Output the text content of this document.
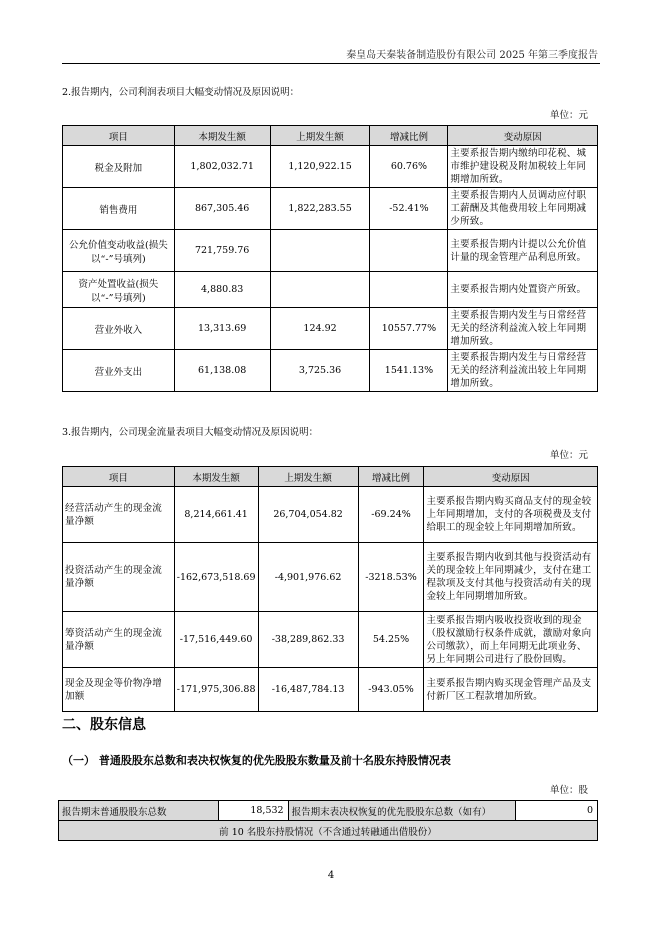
秦皇岛天秦装备制造股份有限公司 2025 年第三季度报告
2.报告期内，公司利润表项目大幅变动情况及原因说明：
单位：元
项目	本期发生额	上期发生额	增减比例	变动原因
税金及附加	1,802,032.71	1,120,922.15	60.76%	主要系报告期内缴纳印花税、城市维护建设税及附加税较上年同期增加所致。
销售费用	867,305.46	1,822,283.55	-52.41%	主要系报告期内人员调动应付职工薪酬及其他费用较上年同期减少所致。
公允价值变动收益(损失以“-”号填列)	721,759.76			主要系报告期内计提以公允价值计量的现金管理产品利息所致。
资产处置收益(损失以“-”号填列)	4,880.83			主要系报告期内处置资产所致。
营业外收入	13,313.69	124.92	10557.77%	主要系报告期内发生与日常经营无关的经济利益流入较上年同期增加所致。
营业外支出	61,138.08	3,725.36	1541.13%	主要系报告期内发生与日常经营无关的经济利益流出较上年同期增加所致。
3.报告期内，公司现金流量表项目大幅变动情况及原因说明：
单位：元
项目	本期发生额	上期发生额	增减比例	变动原因
经营活动产生的现金流量净额	8,214,661.41	26,704,054.82	-69.24%	主要系报告期内购买商品支付的现金较上年同期增加，支付的各项税费及支付给职工的现金较上年同期增加所致。
投资活动产生的现金流量净额	-162,673,518.69	-4,901,976.62	-3218.53%	主要系报告期内收到其他与投资活动有关的现金较上年同期减少，支付在建工程款项及支付其他与投资活动有关的现金较上年同期增加所致。
筹资活动产生的现金流量净额	-17,516,449.60	-38,289,862.33	54.25%	主要系报告期内吸收投资收到的现金（股权激励行权条件成就，激励对象向公司缴款），而上年同期无此项业务、另上年同期公司进行了股份回购。
现金及现金等价物净增加额	-171,975,306.88	-16,487,784.13	-943.05%	主要系报告期内购买现金管理产品及支付新厂区工程款增加所致。
二、股东信息
（一） 普通股股东总数和表决权恢复的优先股股东数量及前十名股东持股情况表
单位：股
报告期末普通股股东总数	18,532	报告期末表决权恢复的优先股股东总数（如有）	0
前 10 名股东持股情况（不含通过转融通出借股份）
4
